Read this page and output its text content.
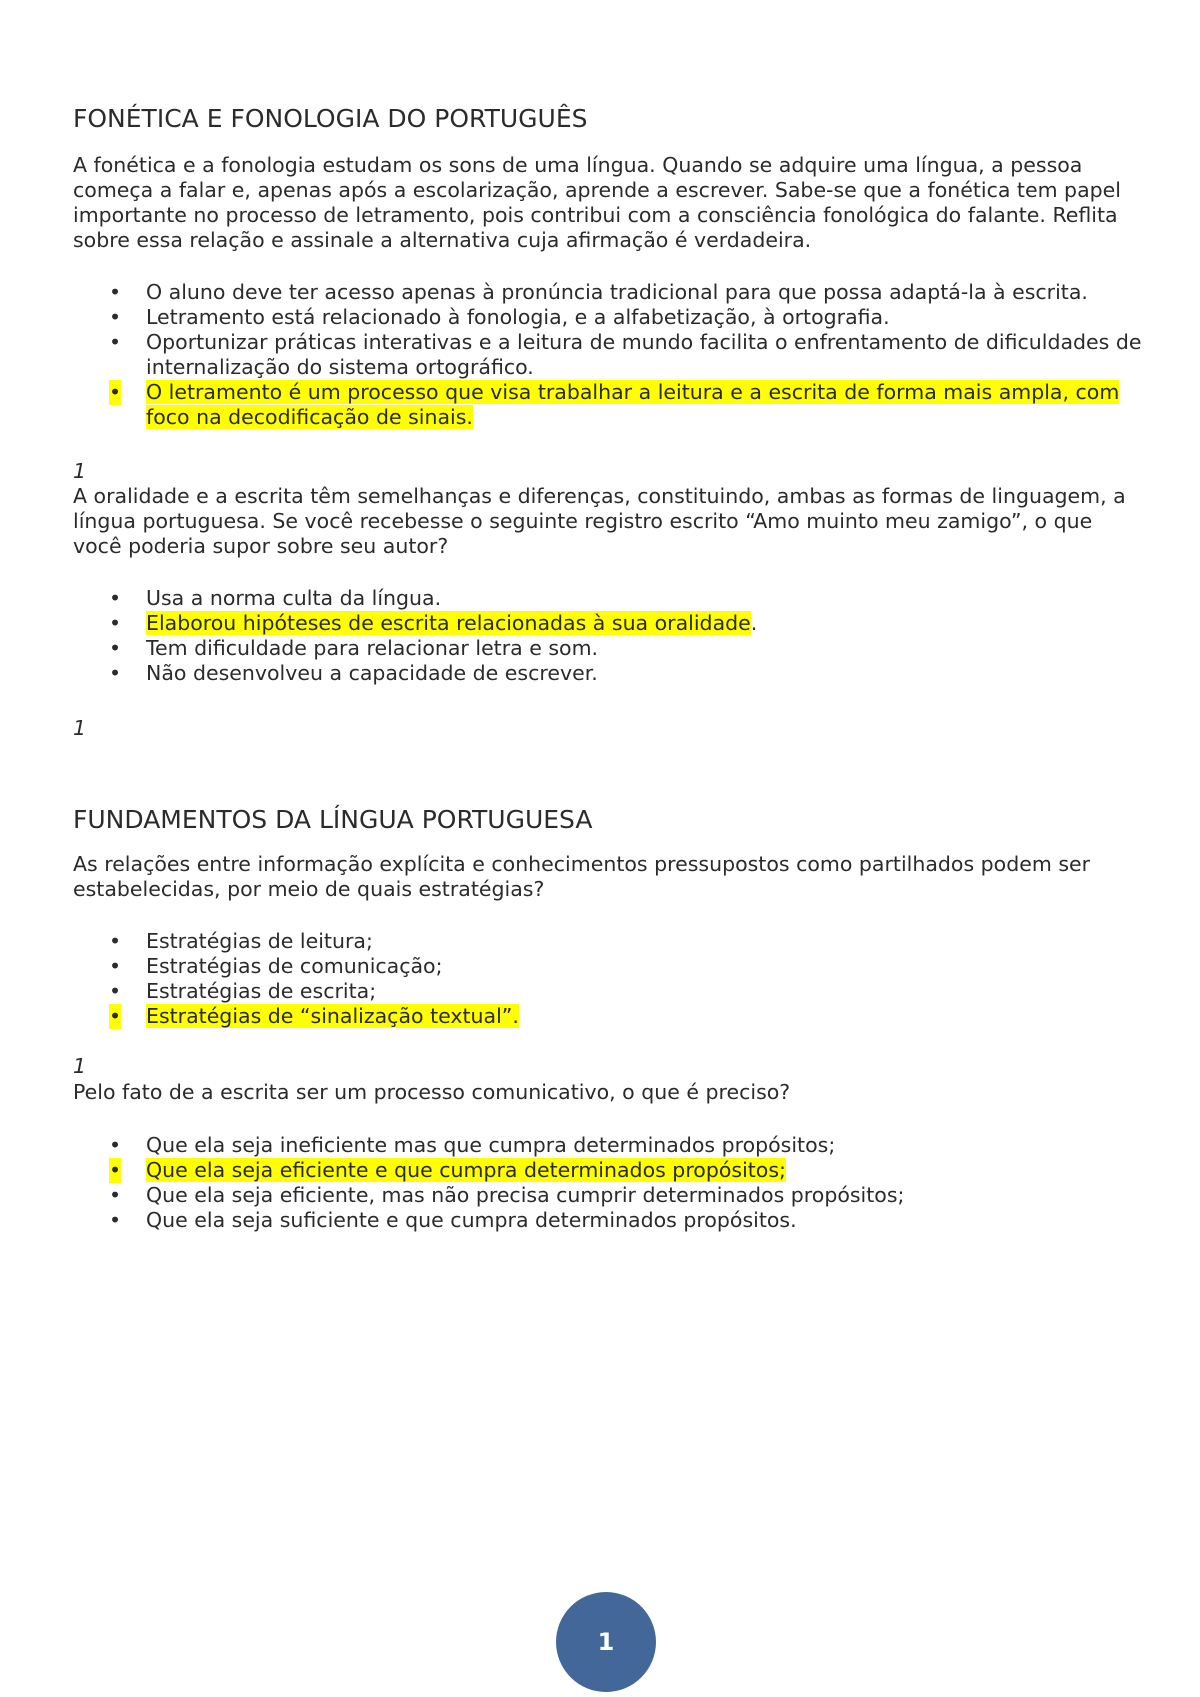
FONÉTICA E FONOLOGIA DO PORTUGUÊS

A fonética e a fonologia estudam os sons de uma língua. Quando se adquire uma língua, a pessoa começa a falar e, apenas após a escolarização, aprende a escrever. Sabe-se que a fonética tem papel importante no processo de letramento, pois contribui com a consciência fonológica do falante. Reflita sobre essa relação e assinale a alternativa cuja afirmação é verdadeira.

• O aluno deve ter acesso apenas à pronúncia tradicional para que possa adaptá-la à escrita.
• Letramento está relacionado à fonologia, e a alfabetização, à ortografia.
• Oportunizar práticas interativas e a leitura de mundo facilita o enfrentamento de dificuldades de internalização do sistema ortográfico.
• O letramento é um processo que visa trabalhar a leitura e a escrita de forma mais ampla, com foco na decodificação de sinais.
1

A oralidade e a escrita têm semelhanças e diferenças, constituindo, ambas as formas de linguagem, a língua portuguesa. Se você recebesse o seguinte registro escrito “Amo muinto meu zamigo”, o que você poderia supor sobre seu autor?

• Usa a norma culta da língua.
• Elaborou hipóteses de escrita relacionadas à sua oralidade.
• Tem dificuldade para relacionar letra e som.
• Não desenvolveu a capacidade de escrever.
1
FUNDAMENTOS DA LÍNGUA PORTUGUESA

As relações entre informação explícita e conhecimentos pressupostos como partilhados podem ser estabelecidas, por meio de quais estratégias?

• Estratégias de leitura;
• Estratégias de comunicação;
• Estratégias de escrita;
• Estratégias de “sinalização textual”.
1

Pelo fato de a escrita ser um processo comunicativo, o que é preciso?

• Que ela seja ineficiente mas que cumpra determinados propósitos;
• Que ela seja eficiente e que cumpra determinados propósitos;
• Que ela seja eficiente, mas não precisa cumprir determinados propósitos;
• Que ela seja suficiente e que cumpra determinados propósitos.
1
